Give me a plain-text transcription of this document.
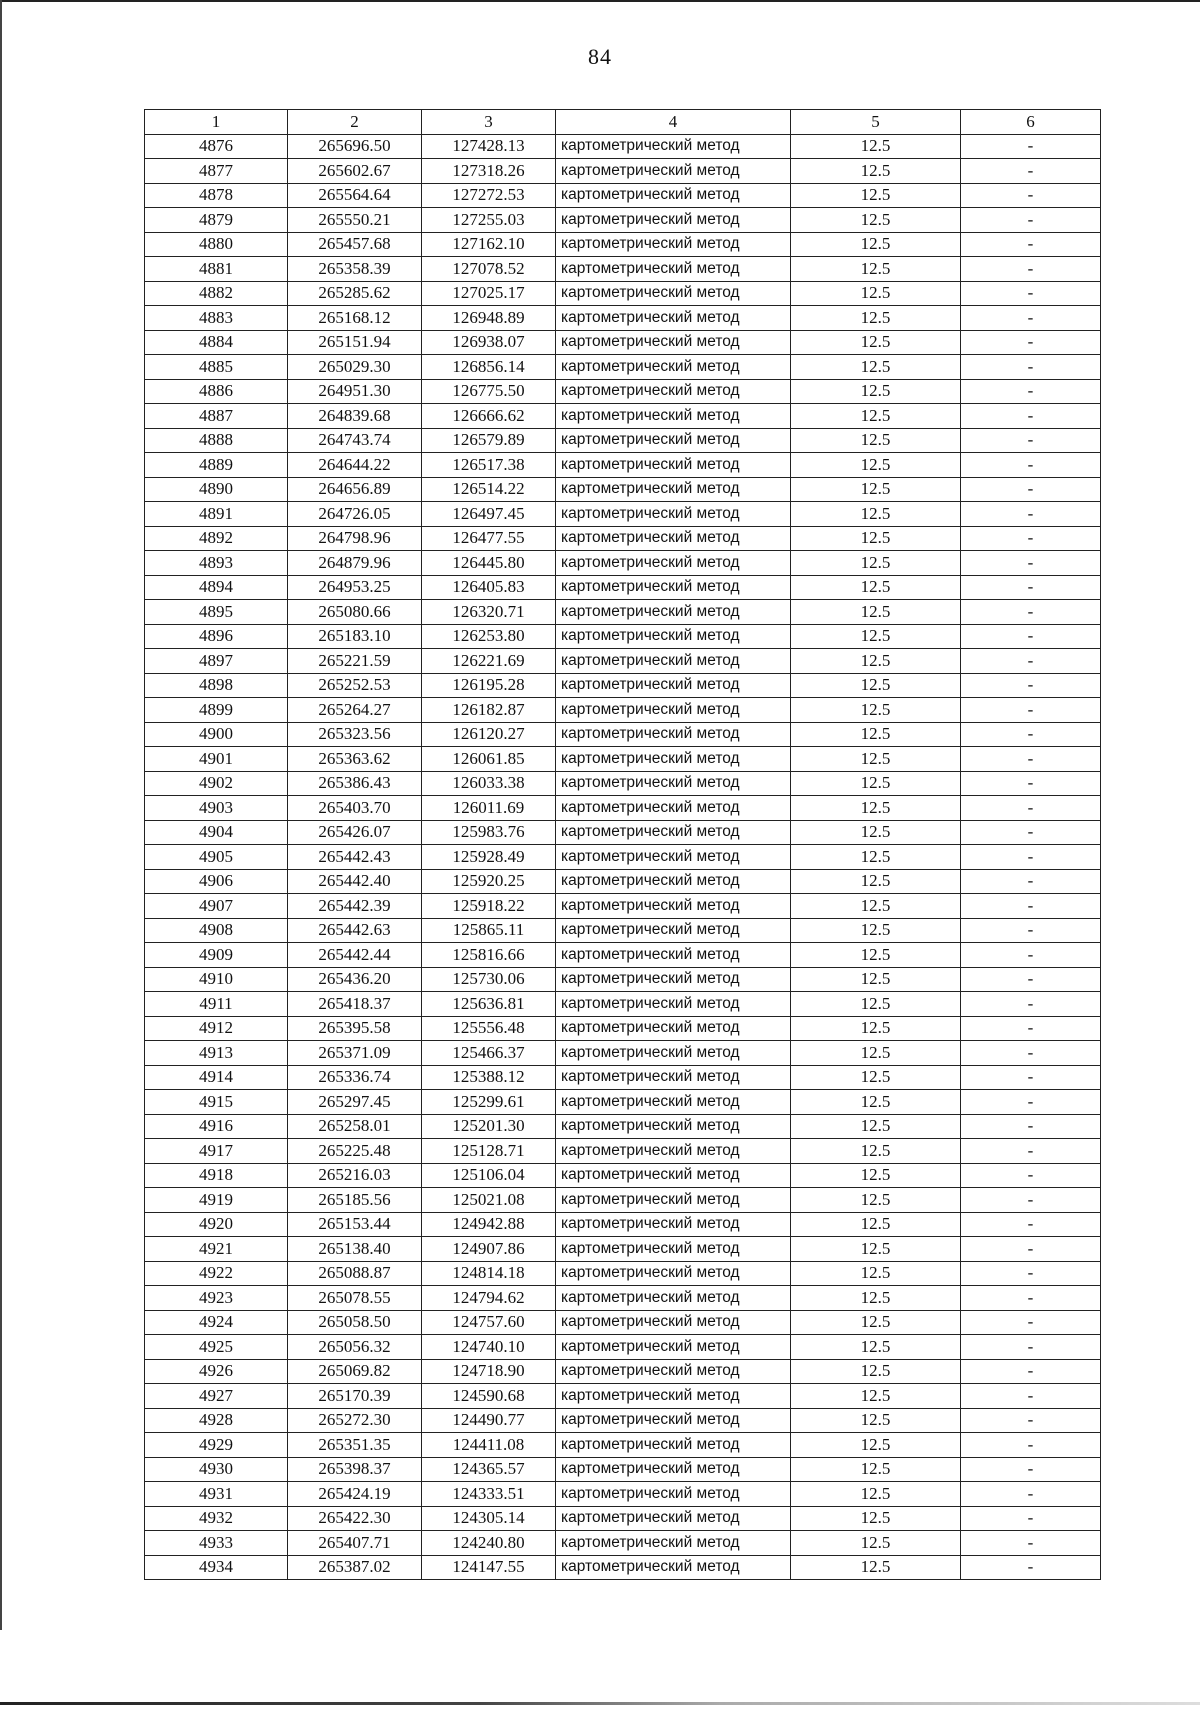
84
1	2	3	4	5	6
4876	265696.50	127428.13	картометрический метод	12.5	-
4877	265602.67	127318.26	картометрический метод	12.5	-
4878	265564.64	127272.53	картометрический метод	12.5	-
4879	265550.21	127255.03	картометрический метод	12.5	-
4880	265457.68	127162.10	картометрический метод	12.5	-
4881	265358.39	127078.52	картометрический метод	12.5	-
4882	265285.62	127025.17	картометрический метод	12.5	-
4883	265168.12	126948.89	картометрический метод	12.5	-
4884	265151.94	126938.07	картометрический метод	12.5	-
4885	265029.30	126856.14	картометрический метод	12.5	-
4886	264951.30	126775.50	картометрический метод	12.5	-
4887	264839.68	126666.62	картометрический метод	12.5	-
4888	264743.74	126579.89	картометрический метод	12.5	-
4889	264644.22	126517.38	картометрический метод	12.5	-
4890	264656.89	126514.22	картометрический метод	12.5	-
4891	264726.05	126497.45	картометрический метод	12.5	-
4892	264798.96	126477.55	картометрический метод	12.5	-
4893	264879.96	126445.80	картометрический метод	12.5	-
4894	264953.25	126405.83	картометрический метод	12.5	-
4895	265080.66	126320.71	картометрический метод	12.5	-
4896	265183.10	126253.80	картометрический метод	12.5	-
4897	265221.59	126221.69	картометрический метод	12.5	-
4898	265252.53	126195.28	картометрический метод	12.5	-
4899	265264.27	126182.87	картометрический метод	12.5	-
4900	265323.56	126120.27	картометрический метод	12.5	-
4901	265363.62	126061.85	картометрический метод	12.5	-
4902	265386.43	126033.38	картометрический метод	12.5	-
4903	265403.70	126011.69	картометрический метод	12.5	-
4904	265426.07	125983.76	картометрический метод	12.5	-
4905	265442.43	125928.49	картометрический метод	12.5	-
4906	265442.40	125920.25	картометрический метод	12.5	-
4907	265442.39	125918.22	картометрический метод	12.5	-
4908	265442.63	125865.11	картометрический метод	12.5	-
4909	265442.44	125816.66	картометрический метод	12.5	-
4910	265436.20	125730.06	картометрический метод	12.5	-
4911	265418.37	125636.81	картометрический метод	12.5	-
4912	265395.58	125556.48	картометрический метод	12.5	-
4913	265371.09	125466.37	картометрический метод	12.5	-
4914	265336.74	125388.12	картометрический метод	12.5	-
4915	265297.45	125299.61	картометрический метод	12.5	-
4916	265258.01	125201.30	картометрический метод	12.5	-
4917	265225.48	125128.71	картометрический метод	12.5	-
4918	265216.03	125106.04	картометрический метод	12.5	-
4919	265185.56	125021.08	картометрический метод	12.5	-
4920	265153.44	124942.88	картометрический метод	12.5	-
4921	265138.40	124907.86	картометрический метод	12.5	-
4922	265088.87	124814.18	картометрический метод	12.5	-
4923	265078.55	124794.62	картометрический метод	12.5	-
4924	265058.50	124757.60	картометрический метод	12.5	-
4925	265056.32	124740.10	картометрический метод	12.5	-
4926	265069.82	124718.90	картометрический метод	12.5	-
4927	265170.39	124590.68	картометрический метод	12.5	-
4928	265272.30	124490.77	картометрический метод	12.5	-
4929	265351.35	124411.08	картометрический метод	12.5	-
4930	265398.37	124365.57	картометрический метод	12.5	-
4931	265424.19	124333.51	картометрический метод	12.5	-
4932	265422.30	124305.14	картометрический метод	12.5	-
4933	265407.71	124240.80	картометрический метод	12.5	-
4934	265387.02	124147.55	картометрический метод	12.5	-
